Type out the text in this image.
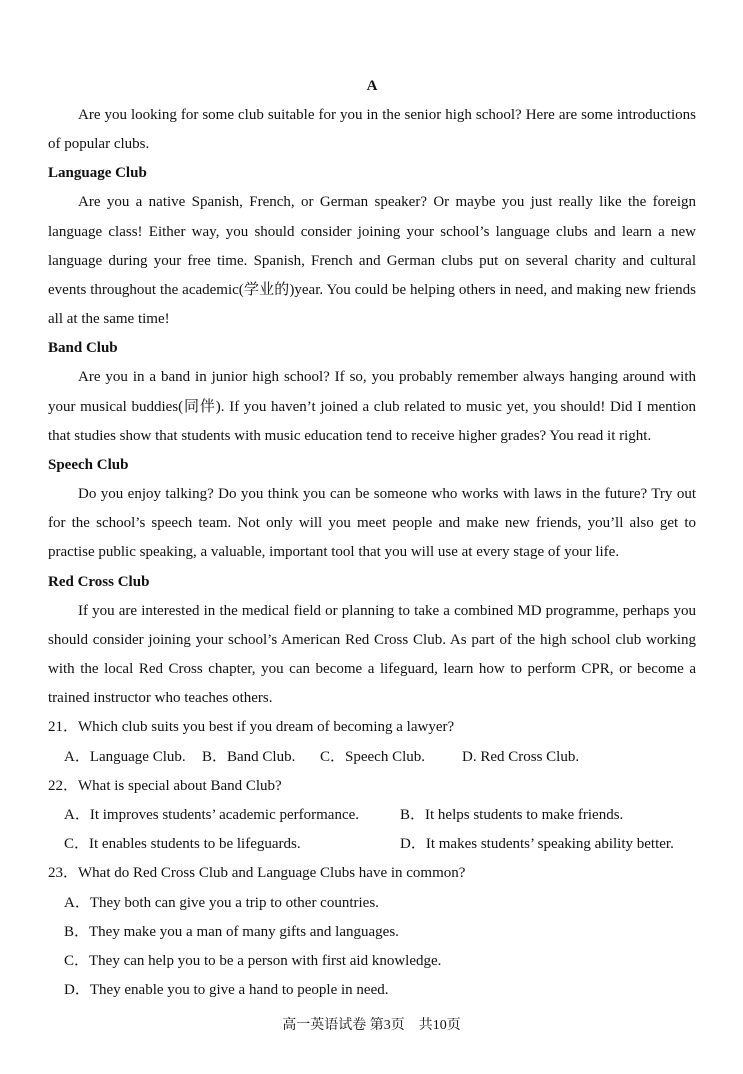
A

Are you looking for some club suitable for you in the senior high school? Here are some introductions of popular clubs.

Language Club

Are you a native Spanish, French, or German speaker? Or maybe you just really like the foreign language class! Either way, you should consider joining your school’s language clubs and learn a new language during your free time. Spanish, French and German clubs put on several charity and cultural events throughout the academic(学业的)year. You could be helping others in need, and making new friends all at the same time!

Band Club

Are you in a band in junior high school? If so, you probably remember always hanging around with your musical buddies(同伴). If you haven’t joined a club related to music yet, you should! Did I mention that studies show that students with music education tend to receive higher grades? You read it right.

Speech Club

Do you enjoy talking? Do you think you can be someone who works with laws in the future? Try out for the school’s speech team. Not only will you meet people and make new friends, you’ll also get to practise public speaking, a valuable, important tool that you will use at every stage of your life.

Red Cross Club

If you are interested in the medical field or planning to take a combined MD programme, perhaps you should consider joining your school’s American Red Cross Club. As part of the high school club working with the local Red Cross chapter, you can become a lifeguard, learn how to perform CPR, or become a trained instructor who teaches others.

21．Which club suits you best if you dream of becoming a lawyer?

A．Language Club.	B．Band Club.	C．Speech Club.	D. Red Cross Club.

22．What is special about Band Club?

A．It improves students’ academic performance.	B．It helps students to make friends.
C．It enables students to be lifeguards.	D．It makes students’ speaking ability better.

23．What do Red Cross Club and Language Clubs have in common?

A．They both can give you a trip to other countries.
B．They make you a man of many gifts and languages.
C．They can help you to be a person with first aid knowledge.
D．They enable you to give a hand to people in need.
高一英语试卷 第3页　共10页
